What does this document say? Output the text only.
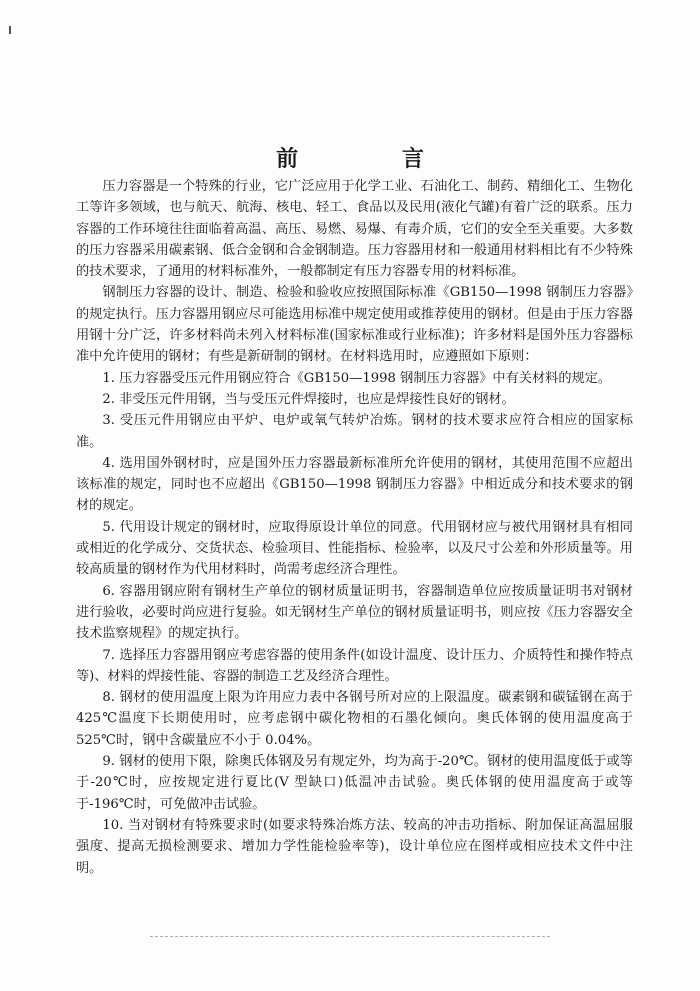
前 言

压力容器是一个特殊的行业，它广泛应用于化学工业、石油化工、制药、精细化工、生物化工等许多领域，也与航天、航海、核电、轻工、食品以及民用(液化气罐)有着广泛的联系。压力容器的工作环境往往面临着高温、高压、易燃、易爆、有毒介质，它们的安全至关重要。大多数的压力容器采用碳素钢、低合金钢和合金钢制造。压力容器用材和一般通用材料相比有不少特殊的技术要求，了通用的材料标准外，一般都制定有压力容器专用的材料标准。

钢制压力容器的设计、制造、检验和验收应按照国际标准《GB150—1998 钢制压力容器》的规定执行。压力容器用钢应尽可能选用标准中规定使用或推荐使用的钢材。但是由于压力容器用钢十分广泛，许多材料尚未列入材料标准(国家标准或行业标准)；许多材料是国外压力容器标准中允许使用的钢材；有些是新研制的钢材。在材料选用时，应遵照如下原则：

1. 压力容器受压元件用钢应符合《GB150—1998 钢制压力容器》中有关材料的规定。

2. 非受压元件用钢，当与受压元件焊接时，也应是焊接性良好的钢材。

3. 受压元件用钢应由平炉、电炉或氧气转炉冶炼。钢材的技术要求应符合相应的国家标准。

4. 选用国外钢材时，应是国外压力容器最新标准所允许使用的钢材，其使用范围不应超出该标准的规定，同时也不应超出《GB150—1998 钢制压力容器》中相近成分和技术要求的钢材的规定。

5. 代用设计规定的钢材时，应取得原设计单位的同意。代用钢材应与被代用钢材具有相同或相近的化学成分、交货状态、检验项目、性能指标、检验率，以及尺寸公差和外形质量等。用较高质量的钢材作为代用材料时，尚需考虑经济合理性。

6. 容器用钢应附有钢材生产单位的钢材质量证明书，容器制造单位应按质量证明书对钢材进行验收，必要时尚应进行复验。如无钢材生产单位的钢材质量证明书，则应按《压力容器安全技术监察规程》的规定执行。

7. 选择压力容器用钢应考虑容器的使用条件(如设计温度、设计压力、介质特性和操作特点等)、材料的焊接性能、容器的制造工艺及经济合理性。

8. 钢材的使用温度上限为许用应力表中各钢号所对应的上限温度。碳素钢和碳锰钢在高于 425℃温度下长期使用时，应考虑钢中碳化物相的石墨化倾向。奥氏体钢的使用温度高于 525℃时，钢中含碳量应不小于 0.04%。

9. 钢材的使用下限，除奥氏体钢及另有规定外，均为高于-20℃。钢材的使用温度低于或等于-20℃时，应按规定进行夏比(V 型缺口)低温冲击试验。奥氏体钢的使用温度高于或等于-196℃时，可免做冲击试验。

10. 当对钢材有特殊要求时(如要求特殊冶炼方法、较高的冲击功指标、附加保证高温屈服强度、提高无损检测要求、增加力学性能检验率等)，设计单位应在图样或相应技术文件中注明。
